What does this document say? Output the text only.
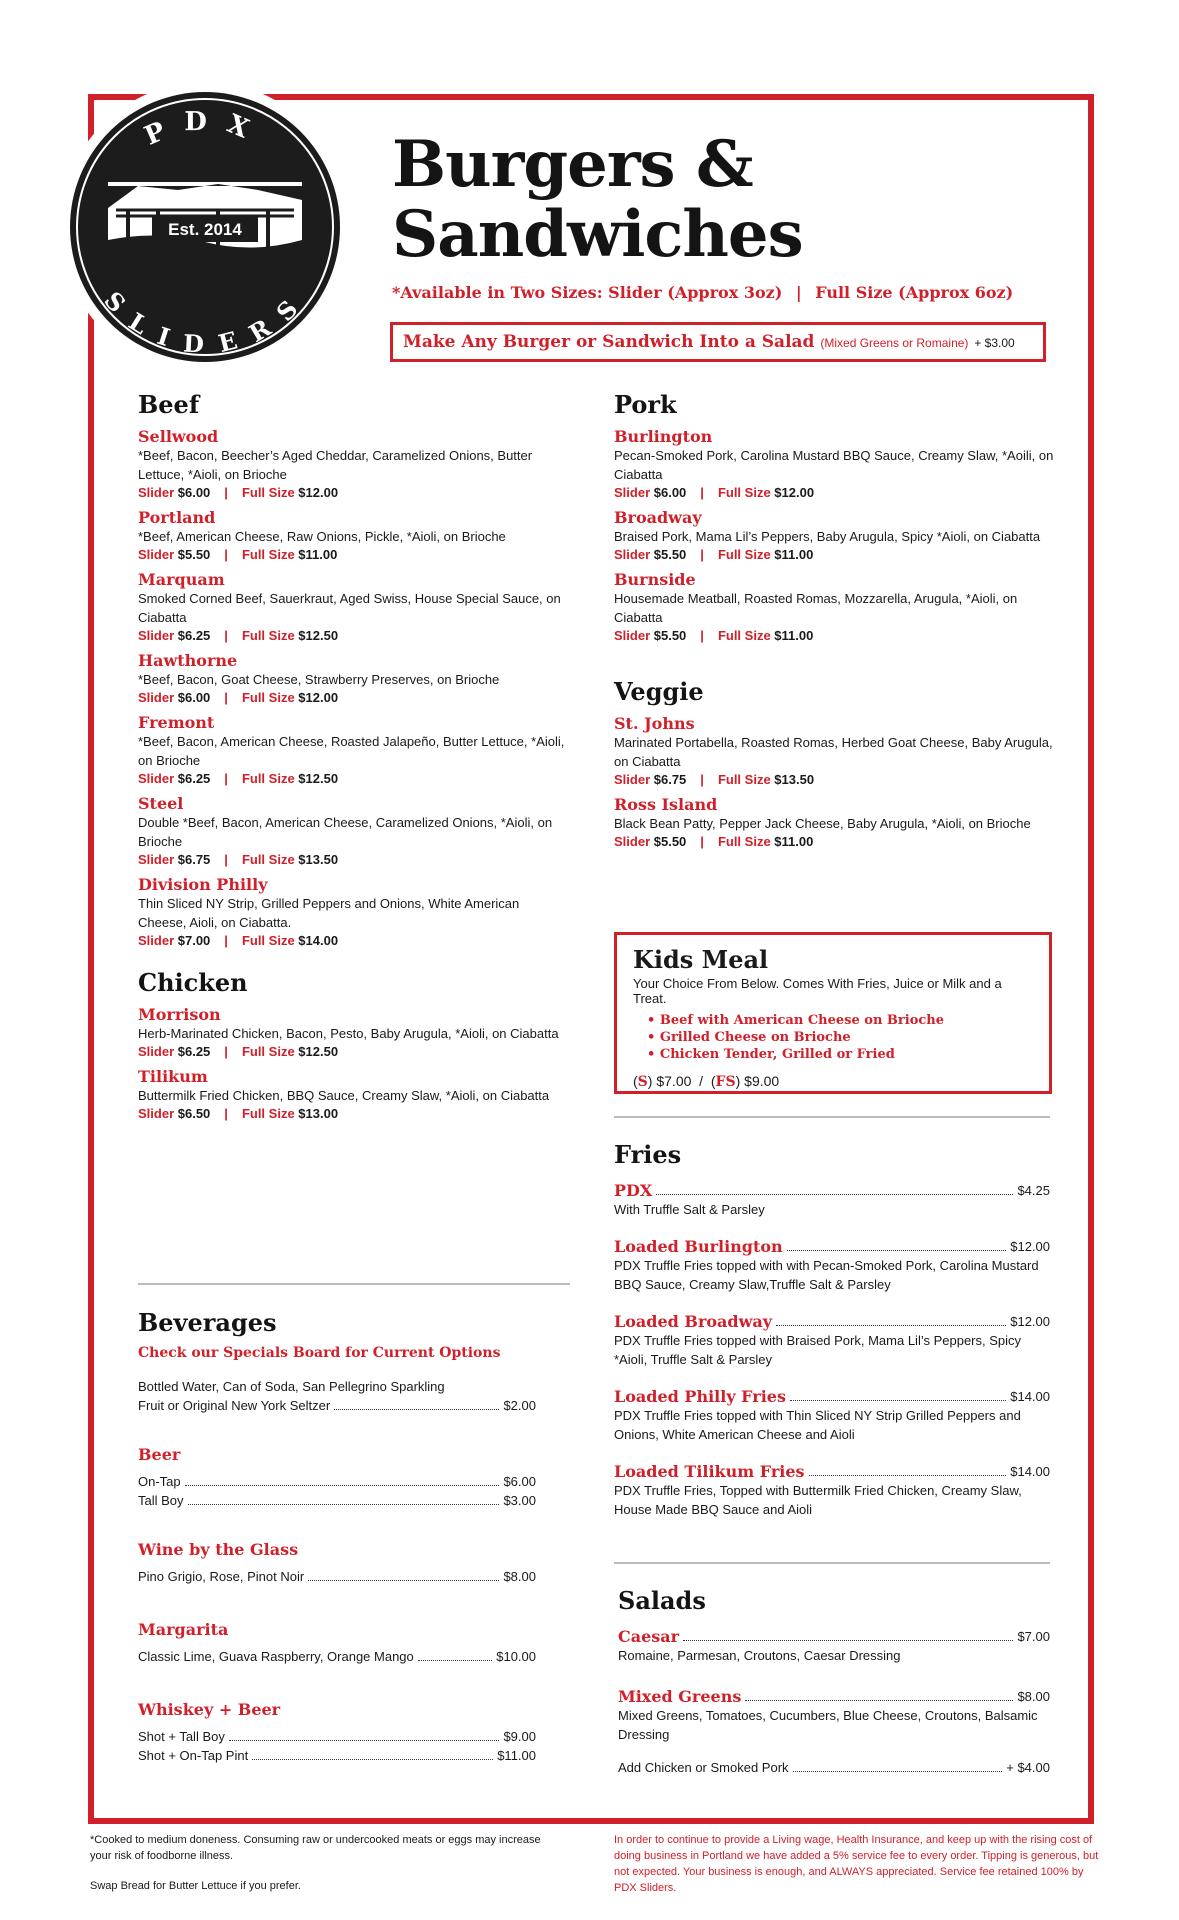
Est. 2014
PDX
SLIDERS
Burgers &
Sandwiches
*Available in Two Sizes: Slider (Approx 3oz) | Full Size (Approx 6oz)
Make Any Burger or Sandwich Into a Salad (Mixed Greens or Romaine) + $3.00
Beef
Sellwood
*Beef, Bacon, Beecher’s Aged Cheddar, Caramelized Onions, Butter Lettuce, *Aioli, on Brioche
Slider $6.00 | Full Size $12.00
Portland
*Beef, American Cheese, Raw Onions, Pickle, *Aioli, on Brioche
Slider $5.50 | Full Size $11.00
Marquam
Smoked Corned Beef, Sauerkraut, Aged Swiss, House Special Sauce, on Ciabatta
Slider $6.25 | Full Size $12.50
Hawthorne
*Beef, Bacon, Goat Cheese, Strawberry Preserves, on Brioche
Slider $6.00 | Full Size $12.00
Fremont
*Beef, Bacon, American Cheese, Roasted Jalapeño, Butter Lettuce, *Aioli, on Brioche
Slider $6.25 | Full Size $12.50
Steel
Double *Beef, Bacon, American Cheese, Caramelized Onions, *Aioli, on Brioche
Slider $6.75 | Full Size $13.50
Division Philly
Thin Sliced NY Strip, Grilled Peppers and Onions, White American Cheese, Aioli, on Ciabatta.
Slider $7.00 | Full Size $14.00
Chicken
Morrison
Herb-Marinated Chicken, Bacon, Pesto, Baby Arugula, *Aioli, on Ciabatta
Slider $6.25 | Full Size $12.50
Tilikum
Buttermilk Fried Chicken, BBQ Sauce, Creamy Slaw, *Aioli, on Ciabatta
Slider $6.50 | Full Size $13.00
Beverages
Check our Specials Board for Current Options
Bottled Water, Can of Soda, San Pellegrino Sparkling
Fruit or Original New York Seltzer	$2.00
Beer
On-Tap	$6.00
Tall Boy	$3.00
Wine by the Glass
Pino Grigio, Rose, Pinot Noir	$8.00
Margarita
Classic Lime, Guava Raspberry, Orange Mango	$10.00
Whiskey + Beer
Shot + Tall Boy	$9.00
Shot + On-Tap Pint	$11.00
Pork
Burlington
Pecan-Smoked Pork, Carolina Mustard BBQ Sauce, Creamy Slaw, *Aoili, on Ciabatta
Slider $6.00 | Full Size $12.00
Broadway
Braised Pork, Mama Lil’s Peppers, Baby Arugula, Spicy *Aioli, on Ciabatta
Slider $5.50 | Full Size $11.00
Burnside
Housemade Meatball, Roasted Romas, Mozzarella, Arugula, *Aioli, on Ciabatta
Slider $5.50 | Full Size $11.00
Veggie
St. Johns
Marinated Portabella, Roasted Romas, Herbed Goat Cheese, Baby Arugula, on Ciabatta
Slider $6.75 | Full Size $13.50
Ross Island
Black Bean Patty, Pepper Jack Cheese, Baby Arugula, *Aioli, on Brioche
Slider $5.50 | Full Size $11.00
Kids Meal
Your Choice From Below. Comes With Fries, Juice or Milk and a Treat.
• Beef with American Cheese on Brioche
• Grilled Cheese on Brioche
• Chicken Tender, Grilled or Fried
(S) $7.00  /  (FS) $9.00
Fries
PDX	$4.25
With Truffle Salt & Parsley
Loaded Burlington	$12.00
PDX Truffle Fries topped with with Pecan-Smoked Pork, Carolina Mustard BBQ Sauce, Creamy Slaw,Truffle Salt & Parsley
Loaded Broadway	$12.00
PDX Truffle Fries topped with Braised Pork, Mama Lil’s Peppers, Spicy *Aioli, Truffle Salt & Parsley
Loaded Philly Fries	$14.00
PDX Truffle Fries topped with Thin Sliced NY Strip Grilled Peppers and Onions, White American Cheese and Aioli
Loaded Tilikum Fries	$14.00
PDX Truffle Fries, Topped with Buttermilk Fried Chicken, Creamy Slaw, House Made BBQ Sauce and Aioli
Salads
Caesar	$7.00
Romaine, Parmesan, Croutons, Caesar Dressing
Mixed Greens	$8.00
Mixed Greens, Tomatoes, Cucumbers, Blue Cheese, Croutons, Balsamic Dressing
Add Chicken or Smoked Pork	+ $4.00
*Cooked to medium doneness. Consuming raw or undercooked meats or eggs may increase your risk of foodborne illness.
Swap Bread for Butter Lettuce if you prefer.
In order to continue to provide a Living wage, Health Insurance, and keep up with the rising cost of doing business in Portland we have added a 5% service fee to every order. Tipping is generous, but not expected. Your business is enough, and ALWAYS appreciated. Service fee retained 100% by PDX Sliders.
